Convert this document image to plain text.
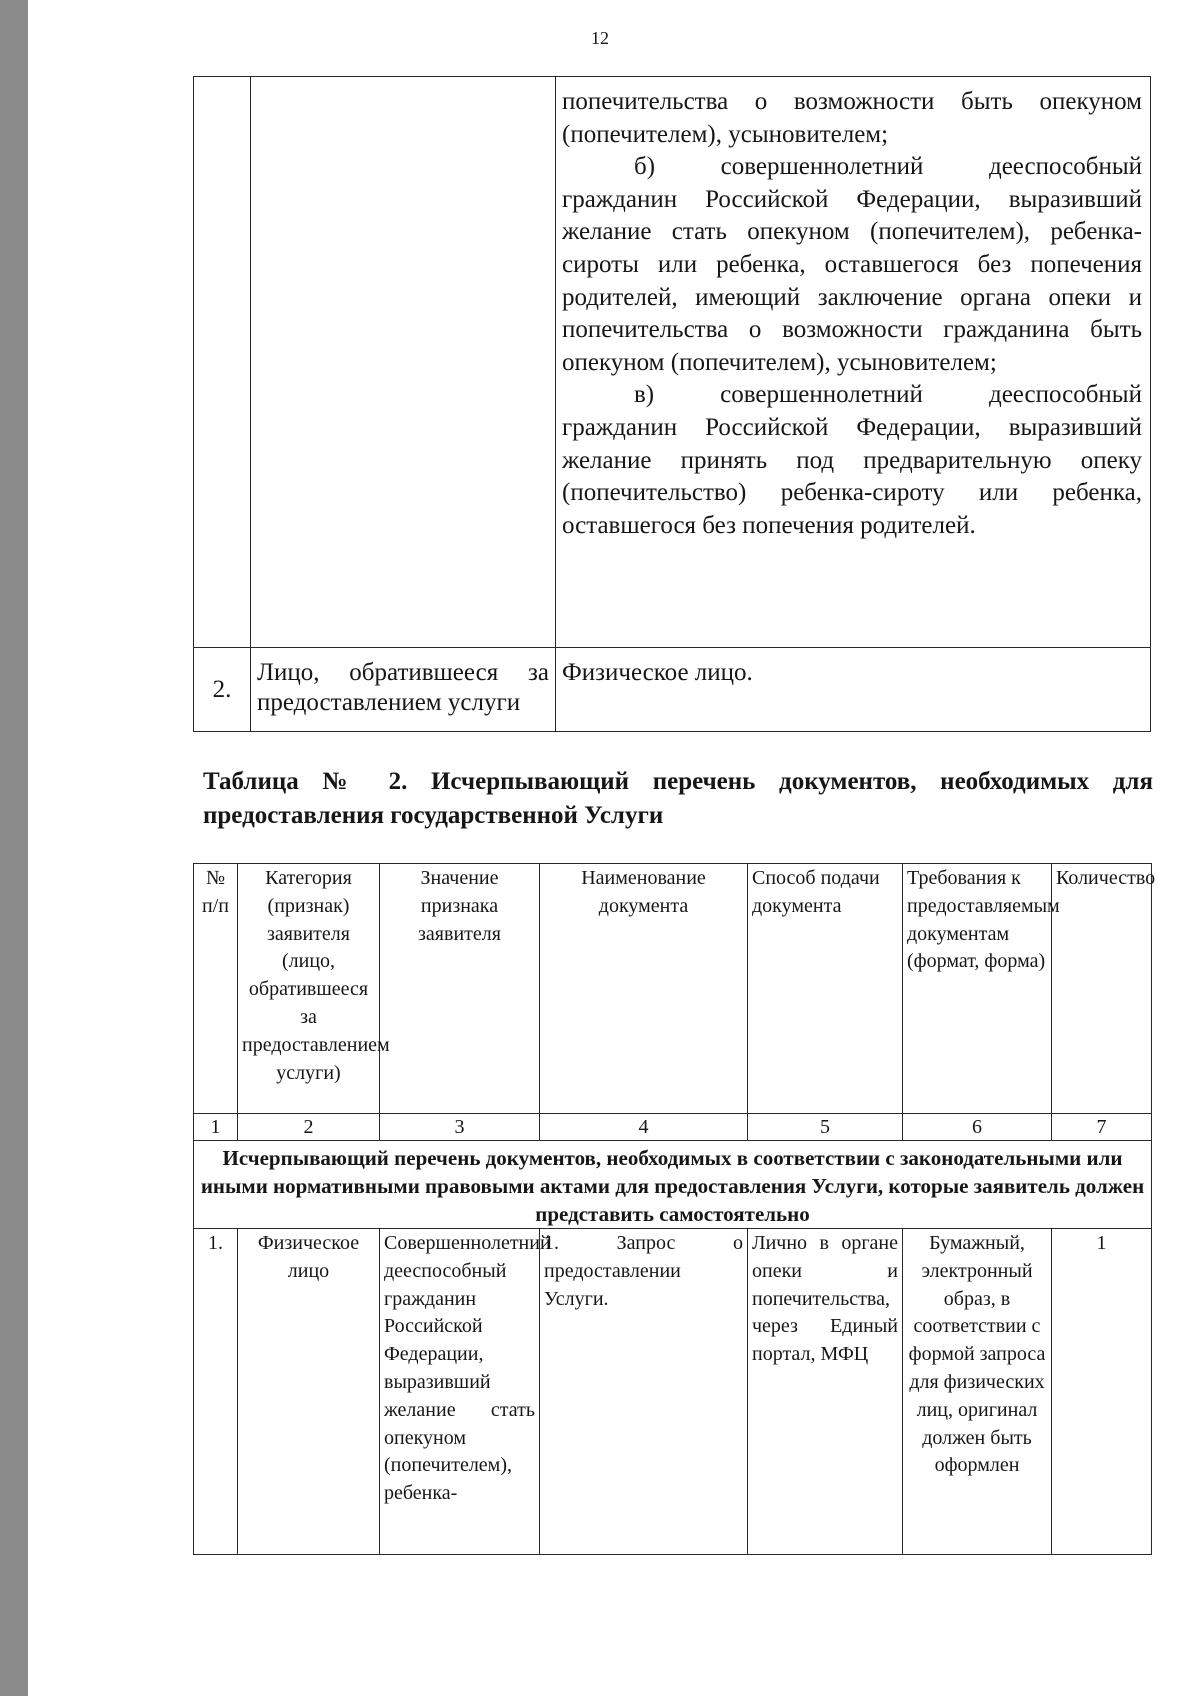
12

		попечительства о возможности быть опекуном (попечителем), усыновителем;

б) совершеннолетний дееспособный гражданин Российской Федерации, выразивший желание стать опекуном (попечителем), ребенка-сироты или ребенка, оставшегося без попечения родителей, имеющий заключение органа опеки и попечительства о возможности гражданина быть опекуном (попечителем), усыновителем;

в) совершеннолетний дееспособный гражданин Российской Федерации, выразивший желание принять под предварительную опеку (попечительство) ребенка-сироту или ребенка, оставшегося без попечения родителей.

2.	Лицо, обратившееся за предоставлением услуги	Физическое лицо.

Таблица № 2. Исчерпывающий перечень документов, необходимых для предоставления государственной Услуги

№ п/п	Категория (признак) заявителя (лицо, обратившееся за предоставлением услуги)	Значение признака заявителя	Наименование документа	Способ подачи документа	Требования к предоставляемым документам (формат, форма)	Количество
1	2	3	4	5	6	7
Исчерпывающий перечень документов, необходимых в соответствии с законодательными или иными нормативными правовыми актами для предоставления Услуги, которые заявитель должен представить самостоятельно						
1.	Физическое лицо	Совершеннолетний дееспособный гражданин Российской Федерации, выразивший желание стать опекуном (попечителем), ребенка-	1. Запрос о предоставлении Услуги.	Лично в органе опеки и попечительства, через Единый портал, МФЦ	Бумажный, электронный образ, в соответствии с формой запроса для физических лиц, оригинал должен быть оформлен	1
